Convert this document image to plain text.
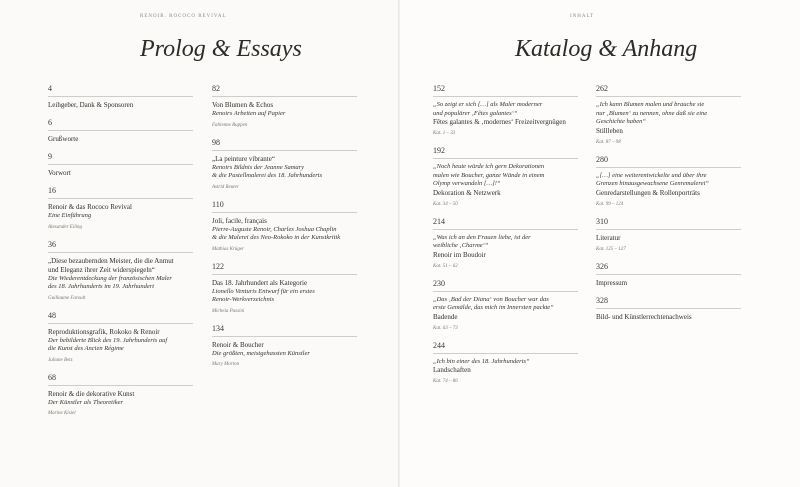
RENOIR. ROCOCO REVIVAL
Prolog & Essays
4
Leihgeber, Dank & Sponsoren
6
Grußworte
9
Vorwort
16
Renoir & das Rococo Revival
Eine Einführung
Alexander Eiling
36
„Diese bezaubernden Meister, die die Anmut
und Eleganz ihrer Zeit widerspiegeln“
Die Wiederentdeckung der französischen Maler
des 18. Jahrhunderts im 19. Jahrhundert
Guillaume Faroult
48
Reproduktionsgrafik, Rokoko & Renoir
Der bebilderte Blick des 19. Jahrhunderts auf
die Kunst des Ancien Régime
Juliane Betz
68
Renoir & die dekorative Kunst
Der Künstler als Theoretiker
Marine Kisiel
82
Von Blumen & Echos
Renoirs Arbeiten auf Papier
Fabienne Ruppen
98
„La peinture vibrante“
Renoirs Bildnis der Jeanne Samary
& die Pastellmalerei des 18. Jahrhunderts
Astrid Reuter
110
Joli, facile, français
Pierre-Auguste Renoir, Charles Joshua Chaplin
& die Malerei des Neo-Rokoko in der Kunstkritik
Mathias Krüger
122
Das 18. Jahrhundert als Kategorie
Lionello Venturis Entwurf für ein erstes
Renoir-Werkverzeichnis
Michela Passini
134
Renoir & Boucher
Die größten, meistgehassten Künstler
Mary Morton
INHALT
Katalog & Anhang
152
„So zeigt er sich […] als Maler moderner
und populärer ‚Fêtes galantes‘“
Fêtes galantes & ‚modernes‘ Freizeitvergnügen
Kat. 1 – 33
192
„Noch heute würde ich gern Dekorationen
malen wie Boucher, ganze Wände in einem
Olymp verwandeln […]!“
Dekoration & Netzwerk
Kat. 34 – 50
214
„Was ich an den Frauen liebe, ist der
weibliche ‚Charme‘“
Renoir im Boudoir
Kat. 51 – 62
230
„Das ‚Bad der Diana‘ von Boucher war das
erste Gemälde, das mich im Innersten packte“
Badende
Kat. 63 – 73
244
„Ich bin einer des 18. Jahrhunderts“
Landschaften
Kat. 74 – 86
262
„Ich kann Blumen malen und brauche sie
nur ‚Blumen‘ zu nennen, ohne daß sie eine
Geschichte haben“
Stillleben
Kat. 87 – 98
280
„[…] eine weiterentwickelte und über ihre
Grenzen hinausgewachsene Genremalerei“
Genredarstellungen & Rollenporträts
Kat. 99 – 124
310
Literatur
Kat. 125 – 127
326
Impressum
328
Bild- und Künstlerrechtenachweis
